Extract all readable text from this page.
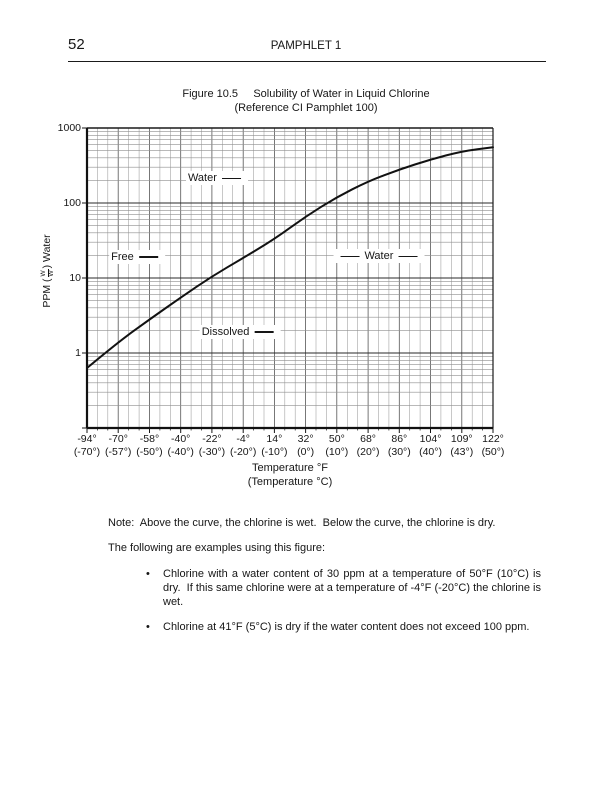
52	PAMPHLET 1
Figure 10.5     Solubility of Water in Liquid Chlorine
(Reference CI Pamphlet 100)
PPM (
W W
) Water
Temperature °F
(Temperature °C)
1000
100
10
1
-94° -70° -58° -40° -22° -4° 14° 32° 50° 68° 86° 104° 109° 122°
(-70°) (-57°) (-50°) (-40°) (-30°) (-20°) (-10°) (0°) (10°) (20°) (30°) (40°) (43°) (50°)
Water
Free	Water
Dissolved
Note:  Above the curve, the chlorine is wet.  Below the curve, the chlorine is dry.
The following are examples using this figure:
•	Chlorine with a water content of 30 ppm at a temperature of 50°F (10°C) is dry.  If this same chlorine were at a temperature of -4°F (-20°C) the chlorine is wet.
•	Chlorine at 41°F (5°C) is dry if the water content does not exceed 100 ppm.
